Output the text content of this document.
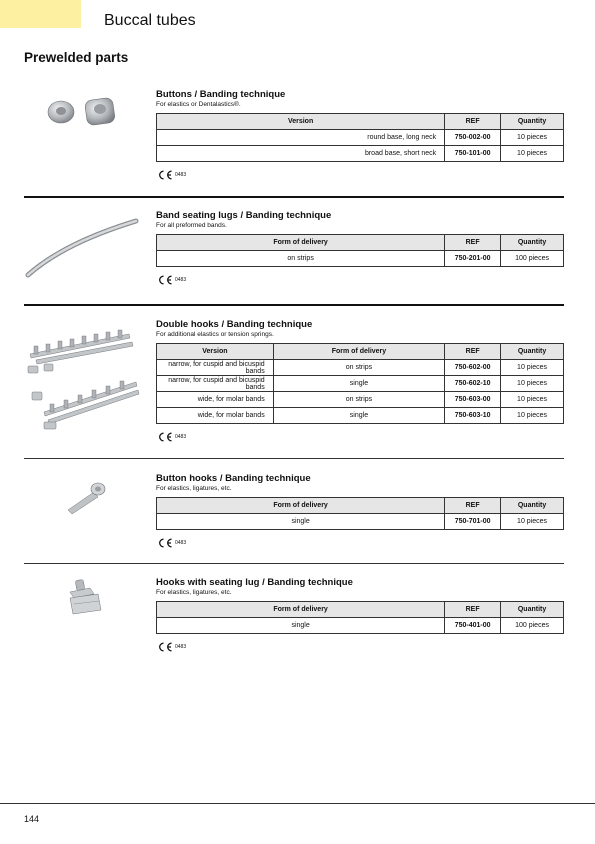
Buccal tubes
Prewelded parts
Buttons / Banding technique
For elastics or Dentalastics®.
Version	REF	Quantity
round base, long neck	750-002-00	10 pieces
broad base, short neck	750-101-00	10 pieces
0483
Band seating lugs / Banding technique
For all preformed bands.
Form of delivery	REF	Quantity
on strips	750-201-00	100 pieces
0483
Double hooks / Banding technique
For additional elastics or tension springs.
Version	Form of delivery	REF	Quantity
narrow, for cuspid and bicuspid bands	on strips	750-602-00	10 pieces
narrow, for cuspid and bicuspid bands	single	750-602-10	10 pieces
wide, for molar bands	on strips	750-603-00	10 pieces
wide, for molar bands	single	750-603-10	10 pieces
0483
Button hooks / Banding technique
For elastics, ligatures, etc.
Form of delivery	REF	Quantity
single	750-701-00	10 pieces
0483
Hooks with seating lug / Banding technique
For elastics, ligatures, etc.
Form of delivery	REF	Quantity
single	750-401-00	100 pieces
0483
144
